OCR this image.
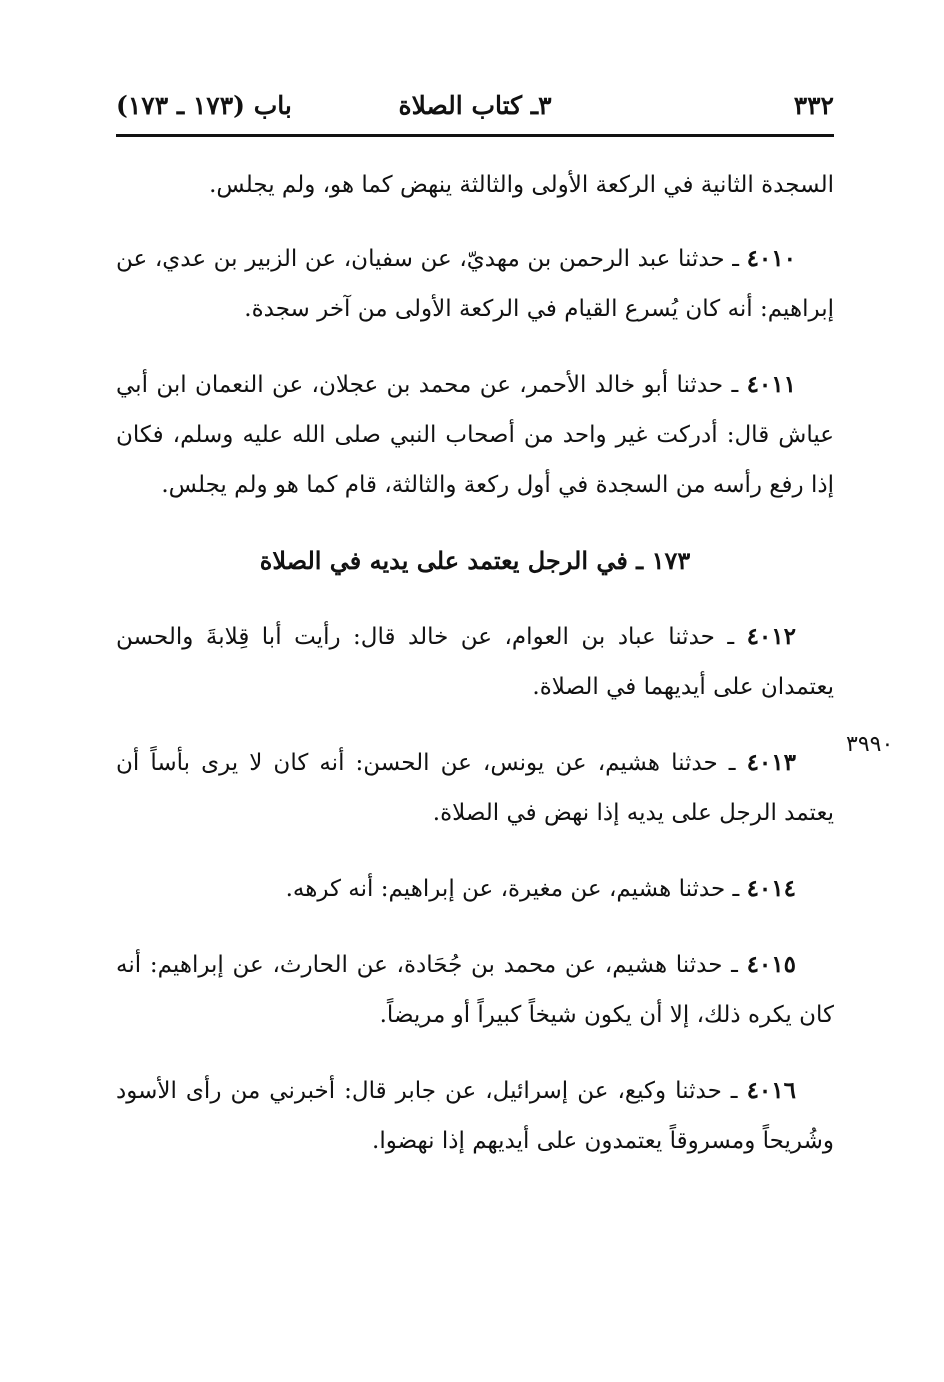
٣٣٢
٣ـ كتاب الصلاة
باب (١٧٣ ـ ١٧٣)
٣٩٩٠

السجدة الثانية في الركعة الأولى والثالثة ينهض كما هو، ولم يجلس.

٤٠١٠ ـ حدثنا عبد الرحمن بن مهديّ، عن سفيان، عن الزبير بن عدي، عن إبراهيم: أنه كان يُسرع القيام في الركعة الأولى من آخر سجدة.

٤٠١١ ـ حدثنا أبو خالد الأحمر، عن محمد بن عجلان، عن النعمان ابن أبي عياش قال: أدركت غير واحد من أصحاب النبي صلى الله عليه وسلم، فكان إذا رفع رأسه من السجدة في أول ركعة والثالثة، قام كما هو ولم يجلس.

١٧٣ ـ في الرجل يعتمد على يديه في الصلاة

٤٠١٢ ـ حدثنا عباد بن العوام، عن خالد قال: رأيت أبا قِلابةَ والحسن يعتمدان على أيديهما في الصلاة.

٤٠١٣ ـ حدثنا هشيم، عن يونس، عن الحسن: أنه كان لا يرى بأساً أن يعتمد الرجل على يديه إذا نهض في الصلاة.

٤٠١٤ ـ حدثنا هشيم، عن مغيرة، عن إبراهيم: أنه كرهه.

٤٠١٥ ـ حدثنا هشيم، عن محمد بن جُحَادة، عن الحارث، عن إبراهيم: أنه كان يكره ذلك، إلا أن يكون شيخاً كبيراً أو مريضاً.

٤٠١٦ ـ حدثنا وكيع، عن إسرائيل، عن جابر قال: أخبرني من رأى الأسود وشُريحاً ومسروقاً يعتمدون على أيديهم إذا نهضوا.
